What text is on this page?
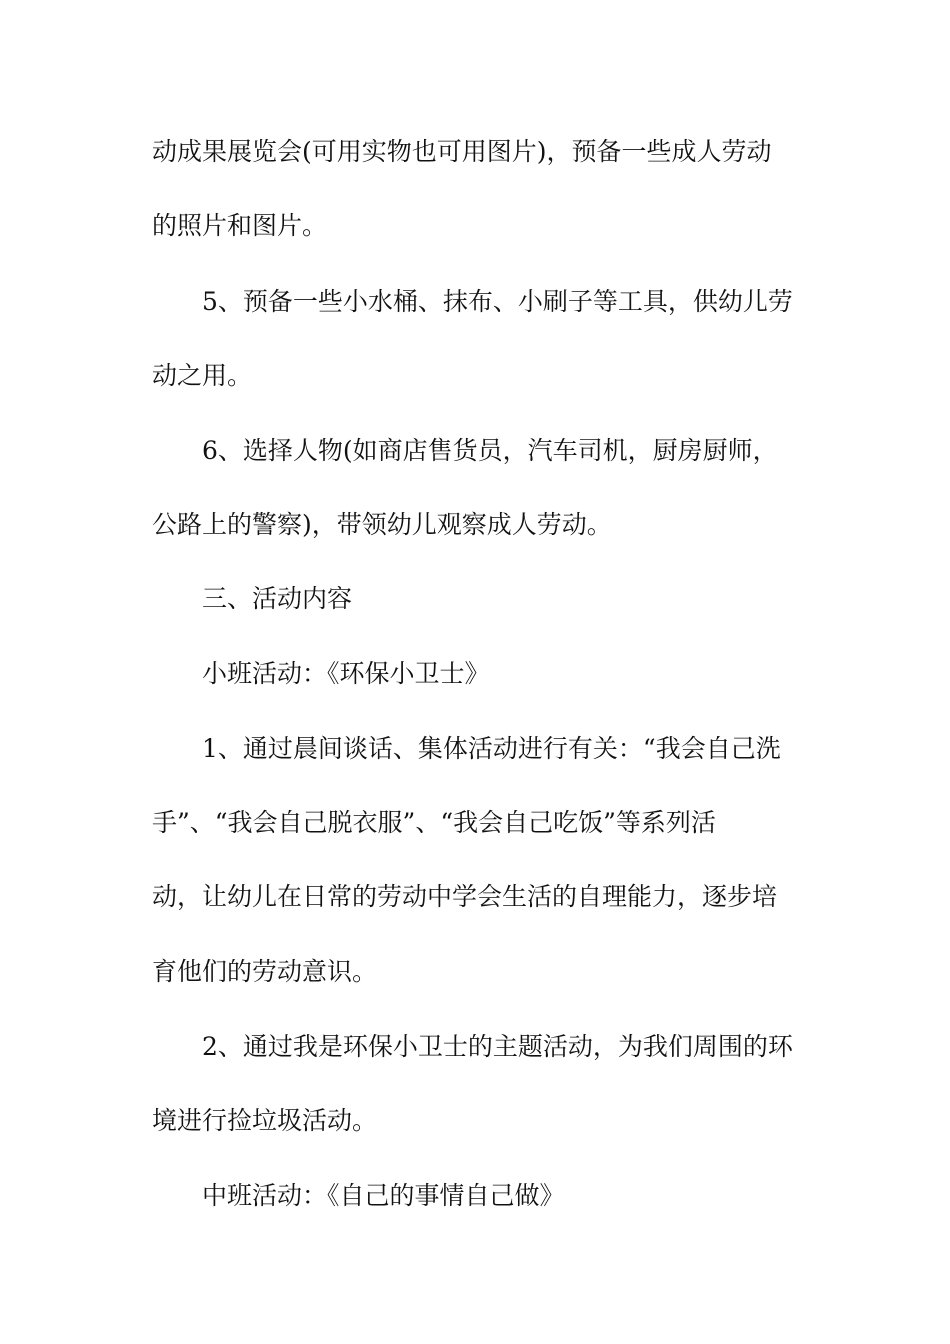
动成果展览会(可用实物也可用图片)，预备一些成人劳动
的照片和图片。
5、预备一些小水桶、抹布、小刷子等工具，供幼儿劳
动之用。
6、选择人物(如商店售货员，汽车司机，厨房厨师，
公路上的警察)，带领幼儿观察成人劳动。
三、活动内容
小班活动：《环保小卫士》
1、通过晨间谈话、集体活动进行有关：“我会自己洗
手”、“我会自己脱衣服”、“我会自己吃饭”等系列活
动，让幼儿在日常的劳动中学会生活的自理能力，逐步培
育他们的劳动意识。
2、通过我是环保小卫士的主题活动，为我们周围的环
境进行捡垃圾活动。
中班活动：《自己的事情自己做》
